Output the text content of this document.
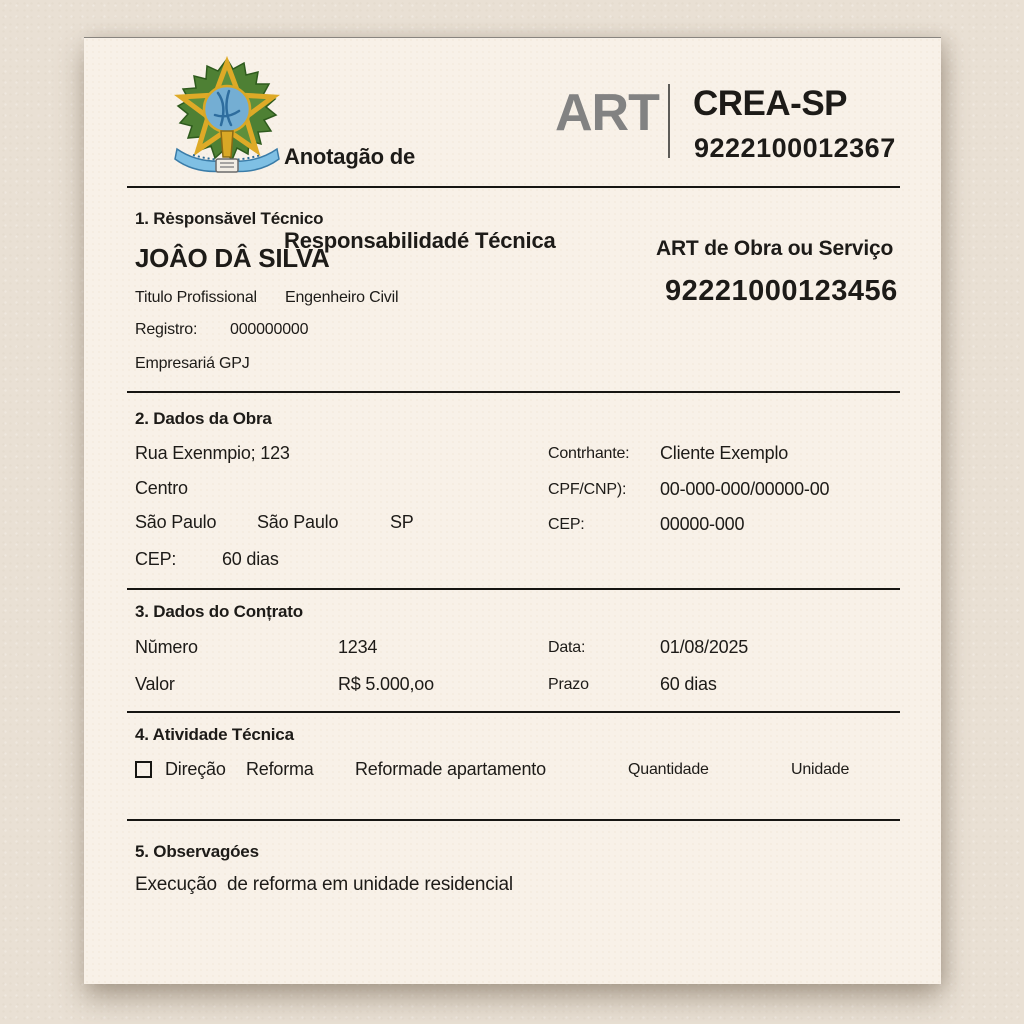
Anotagão de

Responsabilidadé Técnica

ART CREA-SP
9222100012367
1. Rėsponsăvel Técnico
JOÂO DÂ SILVA
Titulo Profissional Engenheiro Civil
Registro: 000000000
Empresariá GPJ
ART de Obra ou Serviço
92221000123456
2. Dados da Obra
Rua Exenmpio; 123
Centro
São Paulo São Paulo	SP
CEP:	60 dias
Contrhante: Cliente Exemplo
CPF/CNP): 00-000-000/00000-00
CEP:	00000-000
3. Dados do Conțrato
Nŭmero	1234	Data:	01/08/2025
Valor	R$ 5.000,oo	Prazo	60 dias
4. Atividade Técnica
Direção Reforma Reformade apartamento	Quantidade	Unidade
5. Observagóes
Execução  de reforma em unidade residencial
